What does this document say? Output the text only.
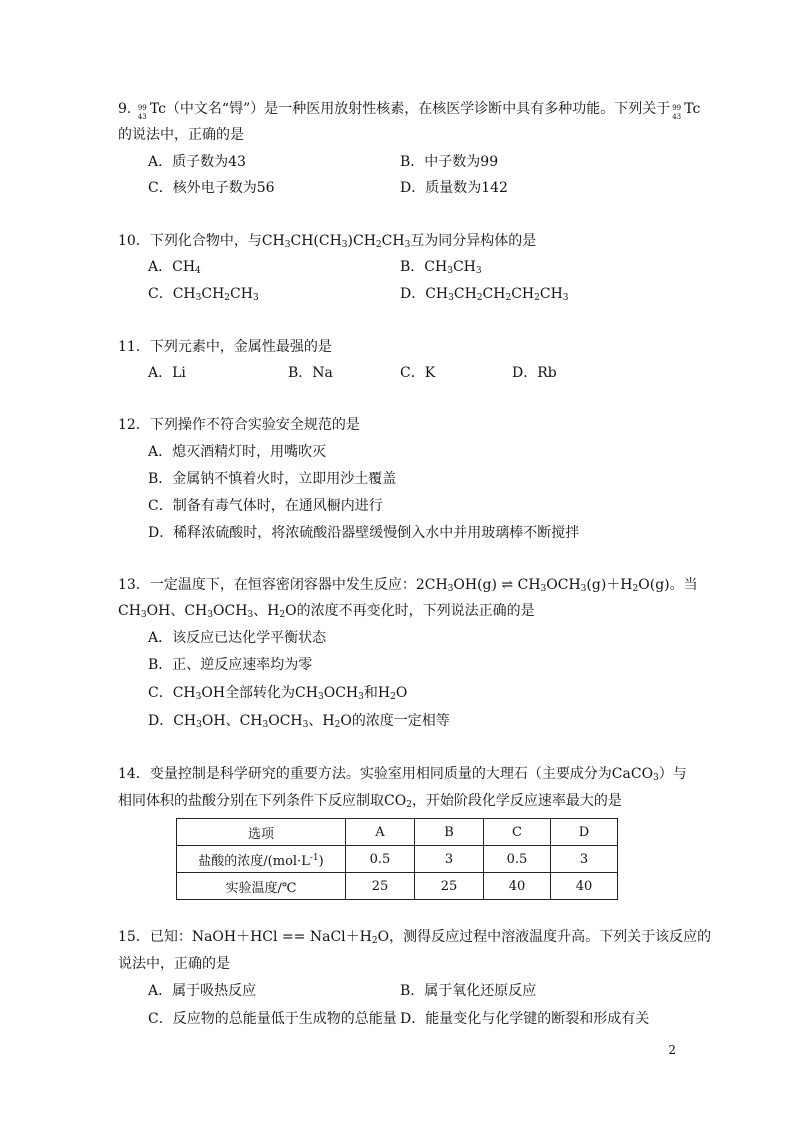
9. 99
43 Tc（中文名“锝”）是一种医用放射性核素，在核医学诊断中具有多种功能。下列关于 99
43 Tc
的说法中，正确的是
A．质子数为43	B．中子数为99
C．核外电子数为56	D．质量数为142
10．下列化合物中，与$CH_3CH(CH_3)CH_2CH_3$互为同分异构体的是
A．$CH_4$	B．$CH_3CH_3$
C．$CH_3CH_2CH_3$	D．$CH_3CH_2CH_2CH_2CH_3$
11．下列元素中，金属性最强的是
A．Li	B．Na	C．K	D．Rb
12．下列操作不符合实验安全规范的是
A．熄灭酒精灯时，用嘴吹灭
B．金属钠不慎着火时，立即用沙土覆盖
C．制备有毒气体时，在通风橱内进行
D．稀释浓硫酸时，将浓硫酸沿器壁缓慢倒入水中并用玻璃棒不断搅拌
13．一定温度下，在恒容密闭容器中发生反应：$2CH_3OH(g)$ ⇌ $CH_3OCH_3(g)+H_2O(g)$。当
$CH_3OH$、$CH_3OCH_3$、$H_2O$的浓度不再变化时，下列说法正确的是
A．该反应已达化学平衡状态
B．正、逆反应速率均为零
C．$CH_3OH$全部转化为$CH_3OCH_3$和$H_2O$
D．$CH_3OH$、$CH_3OCH_3$、$H_2O$的浓度一定相等
14．变量控制是科学研究的重要方法。实验室用相同质量的大理石（主要成分为CaCO$_3$）与
相同体积的盐酸分别在下列条件下反应制取$CO_2$，开始阶段化学反应速率最大的是
选项	A	B	C	D
盐酸的浓度$/(mol\cdot L^{-1})$	0.5	3	0.5	3
实验温度/℃	25	25	40	40
15．已知：NaOH＋HCl == $NaCl+H_2O$，测得反应过程中溶液温度升高。下列关于该反应的
说法中，正确的是
A．属于吸热反应	B．属于氧化还原反应
C．反应物的总能量低于生成物的总能量 D．能量变化与化学键的断裂和形成有关
2
